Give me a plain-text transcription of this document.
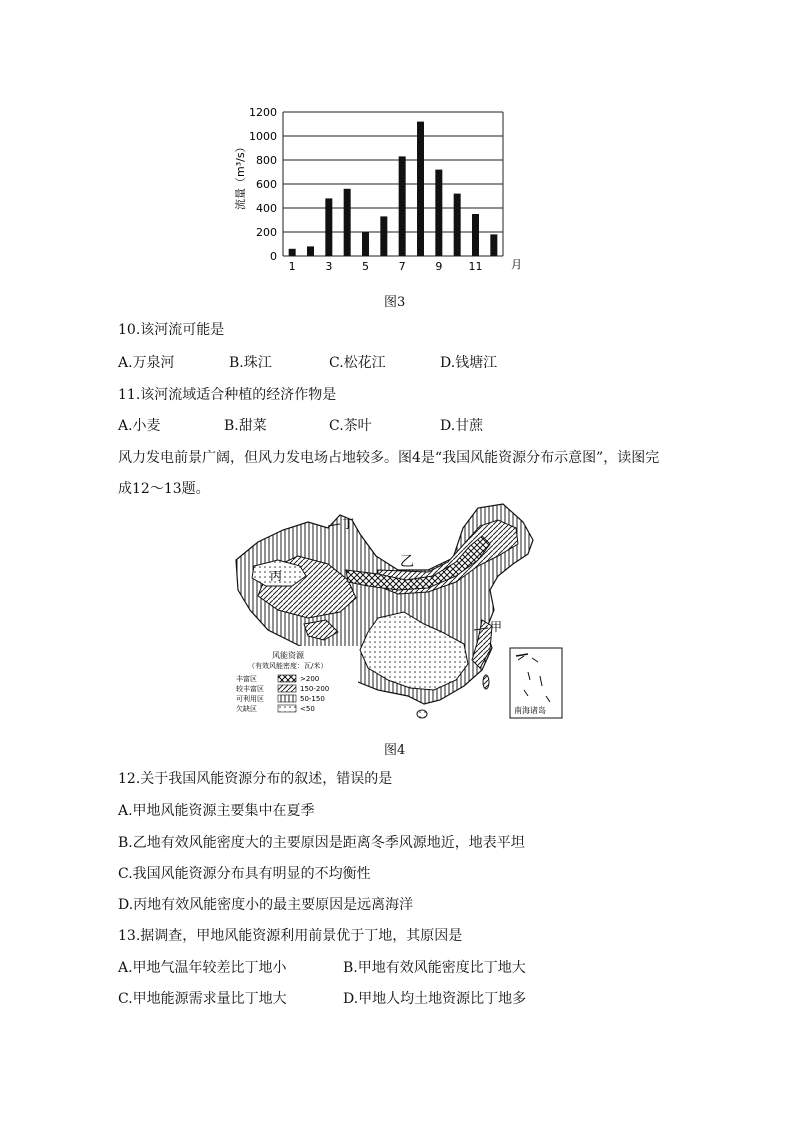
0
200
400
600
800
1000
1200
1	3	5	7	9 11	月
流量（m³/s）
图3
10.该河流可能是
A.万泉河	B.珠江	C.松花江	D.钱塘江
11.该河流域适合种植的经济作物是
A.小麦	B.甜菜	C.茶叶	D.甘蔗
风力发电前景广阔，但风力发电场占地较多。图4是“我国风能资源分布示意图”，读图完
成12～13题。
丁
乙
丙
甲
风能资源
（有效风能密度：瓦/米）
丰富区	>200
较丰富区	150-200
可利用区	50-150
欠缺区	<50	南海诸岛
图4
12.关于我国风能资源分布的叙述，错误的是
A.甲地风能资源主要集中在夏季
B.乙地有效风能密度大的主要原因是距离冬季风源地近，地表平坦
C.我国风能资源分布具有明显的不均衡性
D.丙地有效风能密度小的最主要原因是远离海洋
13.据调查，甲地风能资源利用前景优于丁地，其原因是
A.甲地气温年较差比丁地小	B.甲地有效风能密度比丁地大
C.甲地能源需求量比丁地大	D.甲地人均土地资源比丁地多
